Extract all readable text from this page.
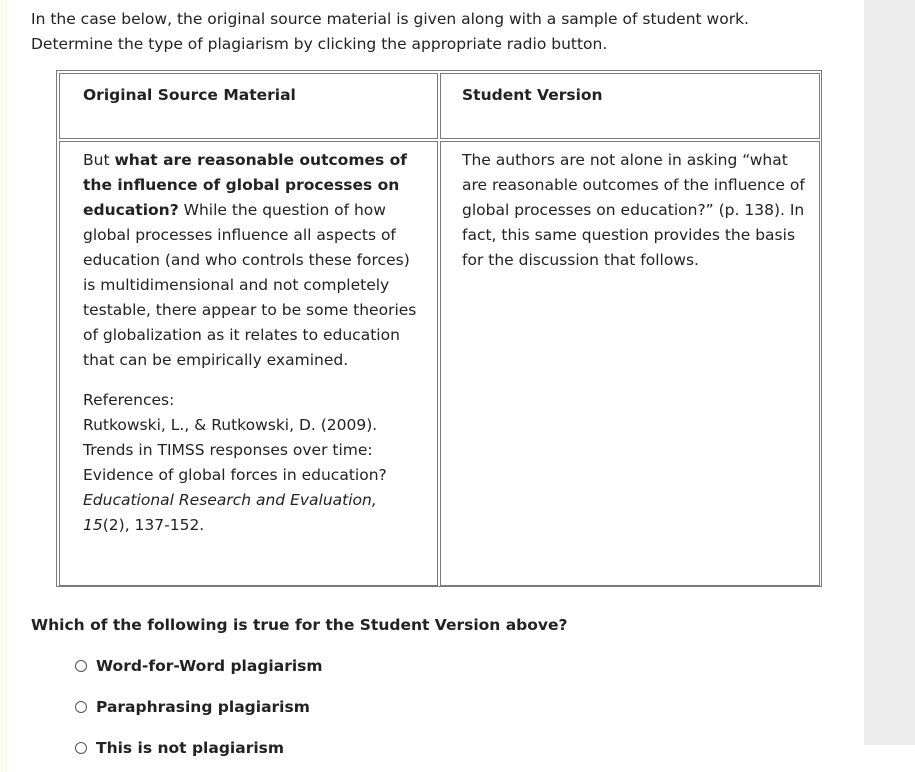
In the case below, the original source material is given along with a sample of student work.

Determine the type of plagiarism by clicking the appropriate radio button.

Original Source Material	Student Version

But what are reasonable outcomes of the influence of global processes on education? While the question of how global processes influence all aspects of education (and who controls these forces) is multidimensional and not completely testable, there appear to be some theories of globalization as it relates to education that can be empirically examined.

References:
Rutkowski, L., & Rutkowski, D. (2009). Trends in TIMSS responses over time: Evidence of global forces in education? Educational Research and Evaluation, 15(2), 137-152.

The authors are not alone in asking “what are reasonable outcomes of the influence of global processes on education?” (p. 138). In fact, this same question provides the basis for the discussion that follows.

Which of the following is true for the Student Version above?
Word-for-Word plagiarism
Paraphrasing plagiarism
This is not plagiarism
